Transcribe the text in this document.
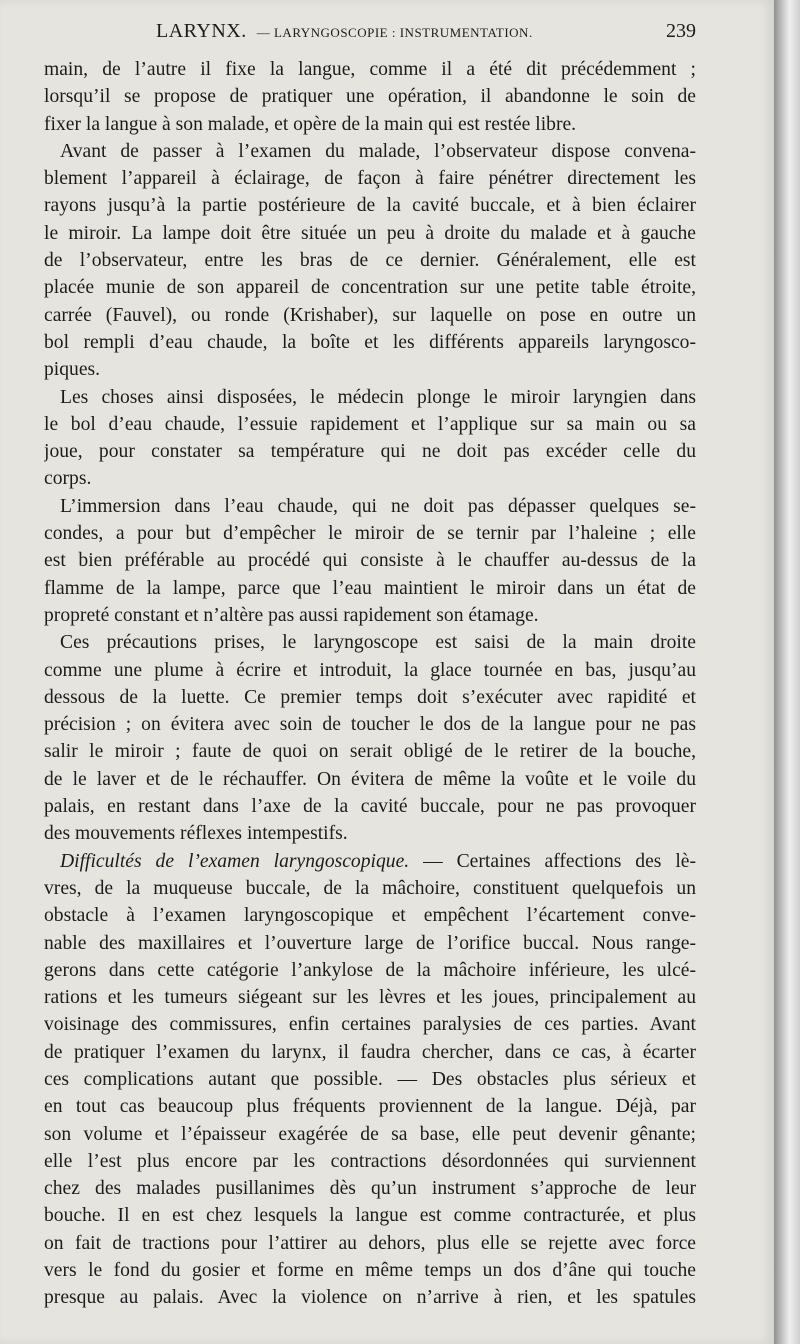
LARYNX. — LARYNGOSCOPIE : INSTRUMENTATION.	239
main, de l’autre il fixe la langue, comme il a été dit précédemment ;
lorsqu’il se propose de pratiquer une opération, il abandonne le soin de
fixer la langue à son malade, et opère de la main qui est restée libre.
Avant de passer à l’examen du malade, l’observateur dispose convena-
blement l’appareil à éclairage, de façon à faire pénétrer directement les
rayons jusqu’à la partie postérieure de la cavité buccale, et à bien éclairer
le miroir. La lampe doit être située un peu à droite du malade et à gauche
de l’observateur, entre les bras de ce dernier. Généralement, elle est
placée munie de son appareil de concentration sur une petite table étroite,
carrée (Fauvel), ou ronde (Krishaber), sur laquelle on pose en outre un
bol rempli d’eau chaude, la boîte et les différents appareils laryngosco-
piques.
Les choses ainsi disposées, le médecin plonge le miroir laryngien dans
le bol d’eau chaude, l’essuie rapidement et l’applique sur sa main ou sa
joue, pour constater sa température qui ne doit pas excéder celle du
corps.
L’immersion dans l’eau chaude, qui ne doit pas dépasser quelques se-
condes, a pour but d’empêcher le miroir de se ternir par l’haleine ; elle
est bien préférable au procédé qui consiste à le chauffer au-dessus de la
flamme de la lampe, parce que l’eau maintient le miroir dans un état de
propreté constant et n’altère pas aussi rapidement son étamage.
Ces précautions prises, le laryngoscope est saisi de la main droite
comme une plume à écrire et introduit, la glace tournée en bas, jusqu’au
dessous de la luette. Ce premier temps doit s’exécuter avec rapidité et
précision ; on évitera avec soin de toucher le dos de la langue pour ne pas
salir le miroir ; faute de quoi on serait obligé de le retirer de la bouche,
de le laver et de le réchauffer. On évitera de même la voûte et le voile du
palais, en restant dans l’axe de la cavité buccale, pour ne pas provoquer
des mouvements réflexes intempestifs.
Difficultés de l’examen laryngoscopique. — Certaines affections des lè-
vres, de la muqueuse buccale, de la mâchoire, constituent quelquefois un
obstacle à l’examen laryngoscopique et empêchent l’écartement conve-
nable des maxillaires et l’ouverture large de l’orifice buccal. Nous range-
gerons dans cette catégorie l’ankylose de la mâchoire inférieure, les ulcé-
rations et les tumeurs siégeant sur les lèvres et les joues, principalement au
voisinage des commissures, enfin certaines paralysies de ces parties. Avant
de pratiquer l’examen du larynx, il faudra chercher, dans ce cas, à écarter
ces complications autant que possible. — Des obstacles plus sérieux et
en tout cas beaucoup plus fréquents proviennent de la langue. Déjà, par
son volume et l’épaisseur exagérée de sa base, elle peut devenir gênante;
elle l’est plus encore par les contractions désordonnées qui surviennent
chez des malades pusillanimes dès qu’un instrument s’approche de leur
bouche. Il en est chez lesquels la langue est comme contracturée, et plus
on fait de tractions pour l’attirer au dehors, plus elle se rejette avec force
vers le fond du gosier et forme en même temps un dos d’âne qui touche
presque au palais. Avec la violence on n’arrive à rien, et les spatules
